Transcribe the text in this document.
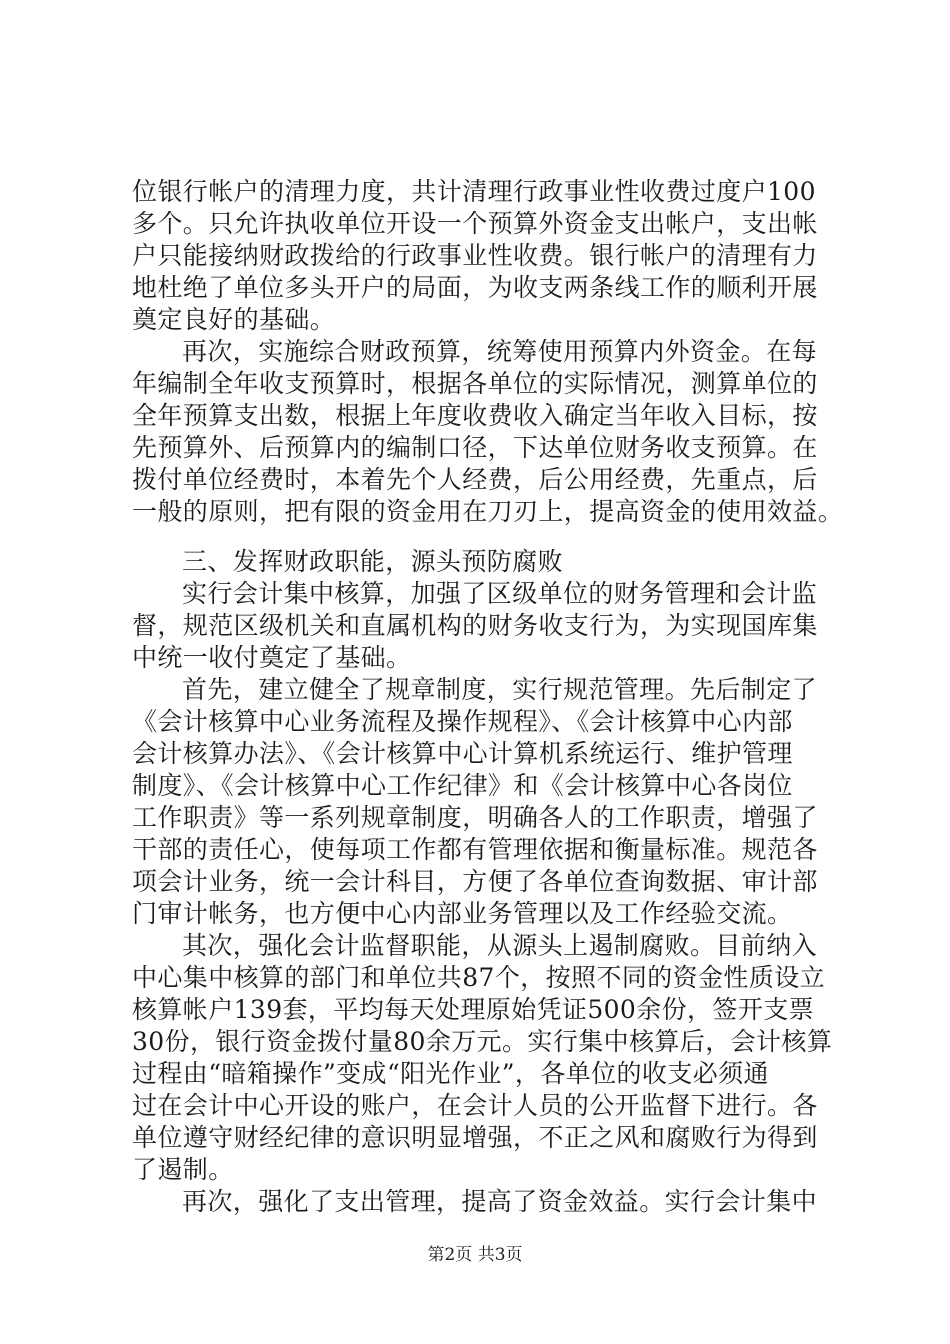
位银行帐户的清理力度，共计清理行政事业性收费过度户100
多个。只允许执收单位开设一个预算外资金支出帐户，支出帐
户只能接纳财政拨给的行政事业性收费。银行帐户的清理有力
地杜绝了单位多头开户的局面，为收支两条线工作的顺利开展
奠定良好的基础。
再次，实施综合财政预算，统筹使用预算内外资金。在每
年编制全年收支预算时，根据各单位的实际情况，测算单位的
全年预算支出数，根据上年度收费收入确定当年收入目标，按
先预算外、后预算内的编制口径，下达单位财务收支预算。在
拨付单位经费时，本着先个人经费，后公用经费，先重点，后
一般的原则，把有限的资金用在刀刃上，提高资金的使用效益。
三、发挥财政职能，源头预防腐败
实行会计集中核算，加强了区级单位的财务管理和会计监
督，规范区级机关和直属机构的财务收支行为，为实现国库集
中统一收付奠定了基础。
首先，建立健全了规章制度，实行规范管理。先后制定了
《会计核算中心业务流程及操作规程》、《会计核算中心内部
会计核算办法》、《会计核算中心计算机系统运行、维护管理
制度》、《会计核算中心工作纪律》和《会计核算中心各岗位
工作职责》等一系列规章制度，明确各人的工作职责，增强了
干部的责任心，使每项工作都有管理依据和衡量标准。规范各
项会计业务，统一会计科目，方便了各单位查询数据、审计部
门审计帐务，也方便中心内部业务管理以及工作经验交流。
其次，强化会计监督职能，从源头上遏制腐败。目前纳入
中心集中核算的部门和单位共87个，按照不同的资金性质设立
核算帐户139套，平均每天处理原始凭证500余份，签开支票
30份，银行资金拨付量80余万元。实行集中核算后，会计核算
过程由“暗箱操作”变成“阳光作业”，各单位的收支必须通
过在会计中心开设的账户，在会计人员的公开监督下进行。各
单位遵守财经纪律的意识明显增强，不正之风和腐败行为得到
了遏制。
再次，强化了支出管理，提高了资金效益。实行会计集中
第2页 共3页
